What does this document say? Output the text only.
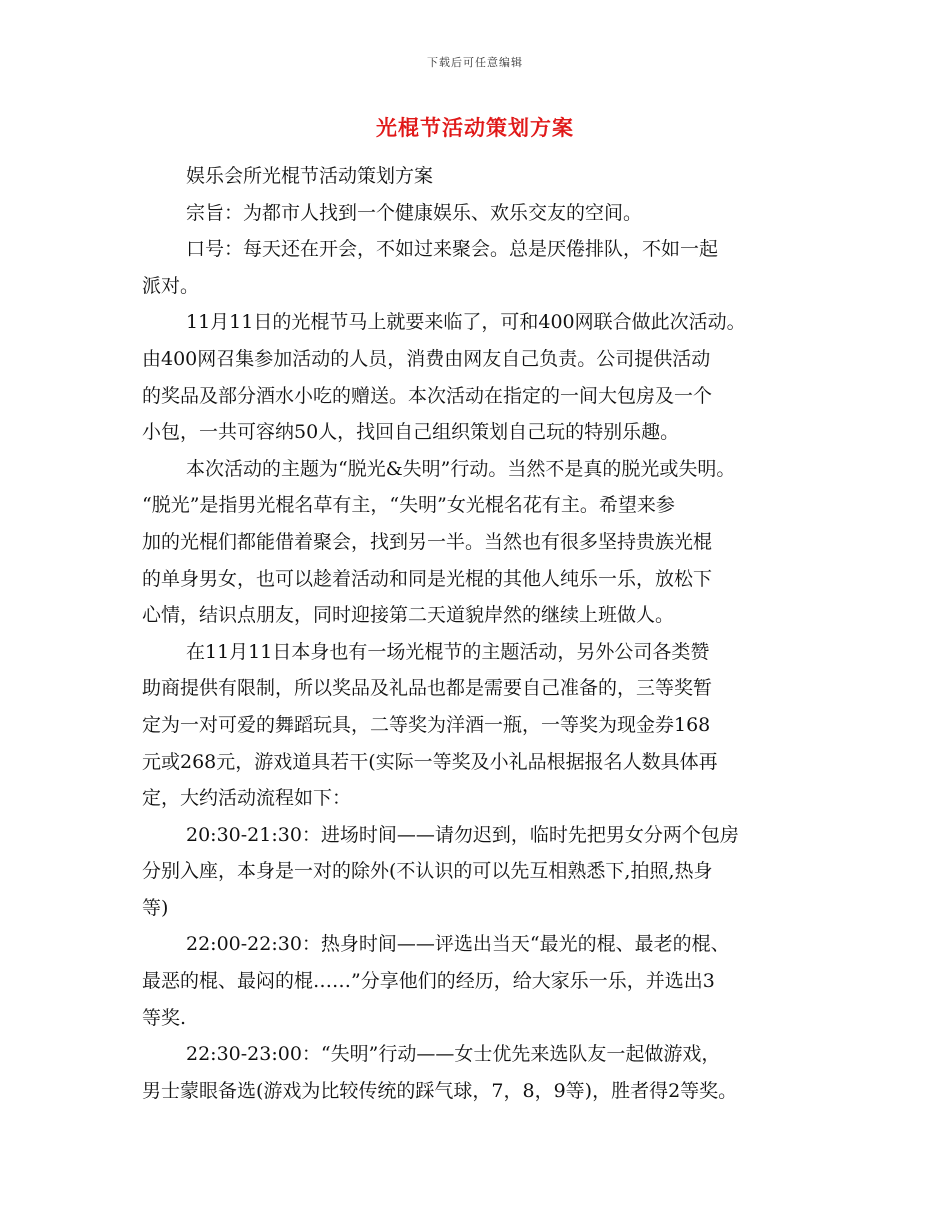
下载后可任意编辑
光棍节活动策划方案
娱乐会所光棍节活动策划方案
宗旨：为都市人找到一个健康娱乐、欢乐交友的空间。
口号：每天还在开会，不如过来聚会。总是厌倦排队，不如一起
派对。
11月11日的光棍节马上就要来临了，可和400网联合做此次活动。
由400网召集参加活动的人员，消费由网友自己负责。公司提供活动
的奖品及部分酒水小吃的赠送。本次活动在指定的一间大包房及一个
小包，一共可容纳50人，找回自己组织策划自己玩的特别乐趣。
本次活动的主题为“脱光&失明”行动。当然不是真的脱光或失明。
“脱光”是指男光棍名草有主，“失明”女光棍名花有主。希望来参
加的光棍们都能借着聚会，找到另一半。当然也有很多坚持贵族光棍
的单身男女，也可以趁着活动和同是光棍的其他人纯乐一乐，放松下
心情，结识点朋友，同时迎接第二天道貌岸然的继续上班做人。
在11月11日本身也有一场光棍节的主题活动，另外公司各类赞
助商提供有限制，所以奖品及礼品也都是需要自己准备的，三等奖暂
定为一对可爱的舞蹈玩具，二等奖为洋酒一瓶，一等奖为现金券168
元或268元，游戏道具若干(实际一等奖及小礼品根据报名人数具体再
定，大约活动流程如下：
20:30-21:30：进场时间——请勿迟到，临时先把男女分两个包房
分别入座，本身是一对的除外(不认识的可以先互相熟悉下,拍照,热身
等)
22:00-22:30：热身时间——评选出当天“最光的棍、最老的棍、
最恶的棍、最闷的棍……”分享他们的经历，给大家乐一乐，并选出3
等奖.
22:30-23:00：“失明”行动——女士优先来选队友一起做游戏，
男士蒙眼备选(游戏为比较传统的踩气球，7，8，9等)，胜者得2等奖。
